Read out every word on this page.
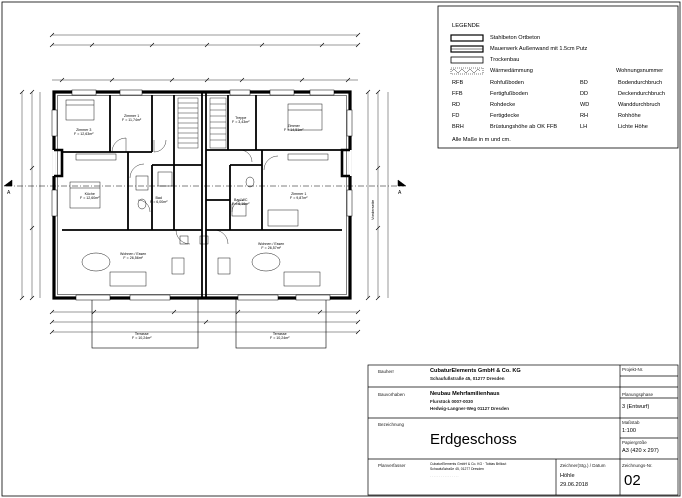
Vorderseite
LEGENDE
Stahlbeton Ortbeton
Mauerwerk Außenwand mit 1.5cm Putz
Trockenbau
Wärmedämmung	Wohnungsnummer
RFB	Rohfußboden	BD	Bodendurchbruch
FFB	Fertigfußboden	DD	Deckendurchbruch
RD	Rohdecke	WD	Wanddurchbruch
FD	Fertigdecke	RH	Rohhöhe
BRH	Brüstungshöhe ab OK FFB	LH	Lichte Höhe
Alle Maße in m und cm.
A	A
Zimmer 3
F = 12,63m²
Zimmer 1
F = 11,74m²
Treppe
F = 3,43m²
Zimmer
F = 14,51m²
Küche
F = 12,60m²	Bad
F = 6,00m²
Bad WC
F = 6,16m²
Zimmer 1
F = 9,87m²
Wohnen / Essen
F = 26,56m²
Wohnen / Essen
F = 26,57m²
Terrasse
F = 10,24m²
Terrasse
F = 10,24m²
Bauherr	CubaturElements GmbH & Co. KG
Schaufußstraße 45, 01277 Dresden
Projekt-Nr.
Bauvorhaben	Neubau Mehrfamilienhaus
Flurstück 0007-0030
Hedwig-Langner-Weg 01127 Dresden
Planungsphase
3 (Entwurf)
Bezeichnung
Erdgeschoss
Maßstab
1:100
Papiergröße
A3 (420 x 297)
Planverfasser	CubaturElements GmbH & Co. KG · Tobias Brillout
Schaufußstraße 45, 01277 Dresden
· · · · · · · · · · · · · · · ·
Zeichner(Stg.) / Datum
Höhle
29.06.2018
Zeichnungs-Nr.
02
